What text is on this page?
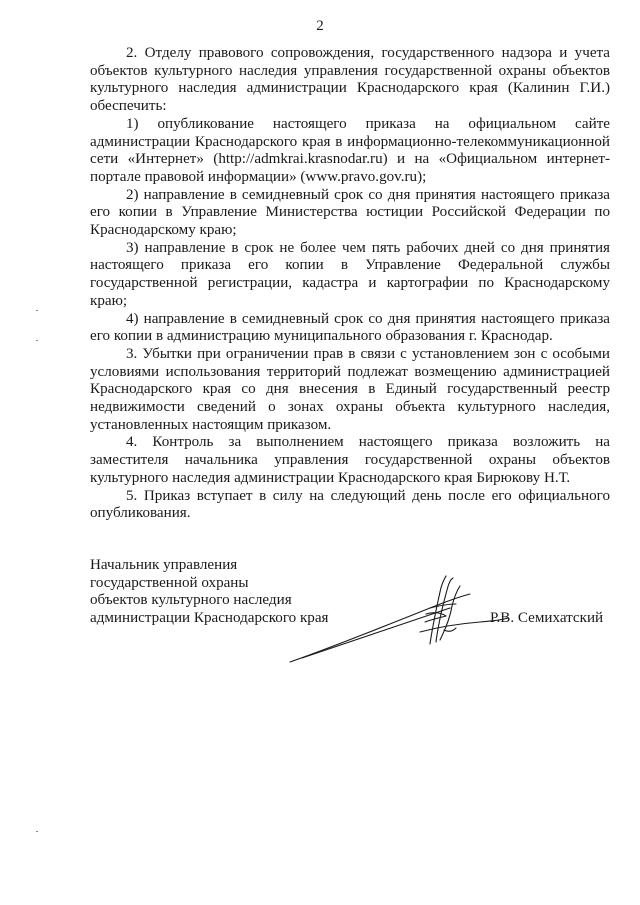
2

2. Отделу правового сопровождения, государственного надзора и учета объектов культурного наследия управления государственной охраны объектов культурного наследия администрации Краснодарского края (Калинин Г.И.) обеспечить:

1) опубликование настоящего приказа на официальном сайте администрации Краснодарского края в информационно-телекоммуникационной сети «Интернет» (http://admkrai.krasnodar.ru) и на «Официальном интернет-портале правовой информации» (www.pravo.gov.ru);

2) направление в семидневный срок со дня принятия настоящего приказа его копии в Управление Министерства юстиции Российской Федерации по Краснодарскому краю;

3) направление в срок не более чем пять рабочих дней со дня принятия настоящего приказа его копии в Управление Федеральной службы государственной регистрации, кадастра и картографии по Краснодарскому краю;

4) направление в семидневный срок со дня принятия настоящего приказа его копии в администрацию муниципального образования г. Краснодар.

3. Убытки при ограничении прав в связи с установлением зон с особыми условиями использования территорий подлежат возмещению администрацией Краснодарского края со дня внесения в Единый государственный реестр недвижимости сведений о зонах охраны объекта культурного наследия, установленных настоящим приказом.

4. Контроль за выполнением настоящего приказа возложить на заместителя начальника управления государственной охраны объектов культурного наследия администрации Краснодарского края Бирюкову Н.Т.

5. Приказ вступает в силу на следующий день после его официального опубликования.

Начальник управления
государственной охраны
объектов культурного наследия
администрации Краснодарского края	Р.В. Семихатский
